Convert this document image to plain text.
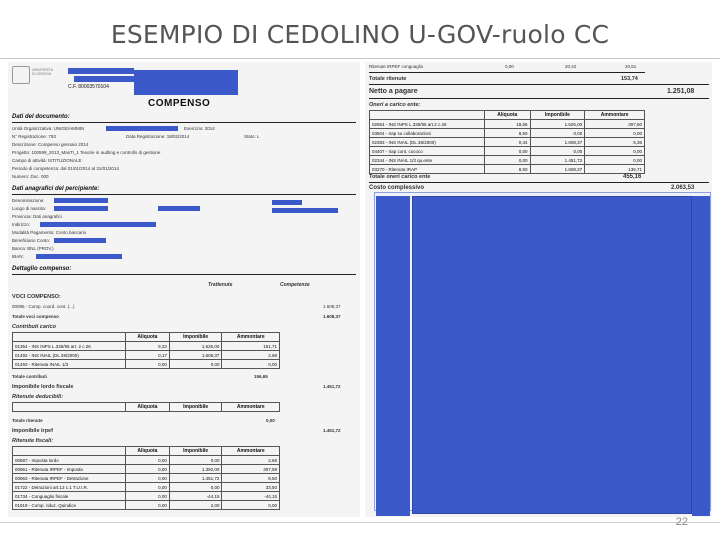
ESEMPIO DI CEDOLINO U-GOV-ruolo CC
UNIVERSITÀ
DI GENOVA
C.F. 80003570104
COMPENSO
Dati del documento:
Unità Organizzativa: UNIGE/AMMIN
N° Registrazione: 793
Descrizione: Compenso gennaio 2014
Progetto: 100599_2013_ManTi_1 Tesorie in audting e controllo di gestione
Campo di attività: ISTITUZIONALE
Periodo di competenza: dal 01/01/2014 al 31/01/2014
Numero: Doc. 000
Esercizio: 2014
Data Registrazione: 18/02/2014	Stato: L
Dati anagrafici del percipiente:
Denominazione:
Luogo di nascita:
Provincia: Dati anagrafici
Indirizzo:
Modalità Pagamento: Conto bancario
Beneficiario Conto:
Banca: BNL (PROV.)
IBAN:
Dettaglio compenso:
Trattenute	Competenze
VOCI COMPENSO:
00096 - Comp. coord. cont. (...)	1.608,37
Totale voci compenso	1.608,37
Contributi carico
	Aliquota	Imponibile	Ammontare
01354 - INS INPS L.335/95 art. 2 c.26	9,33	1.626,00	151,71
01492 - INS INAIL (DL 38/2000)	0,17	1.608,37	2,68
01493 - Ritenuta INAIL 1/3	0,00	0,00	0,00
Totale contributi	156,65
Imponibile lordo fiscale	1.451,72
Ritenute deducibili:
	Aliquota	Imponibile	Ammontare
Totale ritenute	0,00
Imponibile irpef	1.451,72
Ritenute fiscali:
	Aliquota	Imponibile	Ammontare
00887 - Imposta lordo	0,00	0,00	2,68
00961 - Ritenuta IRPEF - Imposta	0,00	1.392,00	307,59
00963 - Ritenuta IRPEF - Detrazione	0,00	1.451,72	8,50
01722 - Detrazioni art.13 c.1 T.U.I.R.	0,00	0,00	33,50
01734 - Conguaglio fiscale	0,00	-44,15	-44,15
01919 - Comp. riduz. Quindice	0,00	2,00	0,00
Ritenute IRPEF conguaglio	0,00	20,42	20,61
Totale ritenute	153,74
Netto a pagare	1.251,08
Oneri a carico ente:
	Aliquota	Imponibile	Ammontare
02654 - INS INPS L.335/95 art.2 c.26	18,66	1.626,00	307,60
03604 - Irap su collaborazioni	8,50	0,00	0,00
02383 - INS INAIL (DL 38/2000)	0,34	1.608,37	5,36
04407 - Irap cont. cococo	0,00	0,00	0,00
02344 - INS INAIL 1/3 qu.ente	0,00	1.451,72	0,00
03270 - Ritenuta IRAP	8,50	1.608,37	136,71
Totale oneri carico ente	455,16
Costo complessivo	2.063,53
22
